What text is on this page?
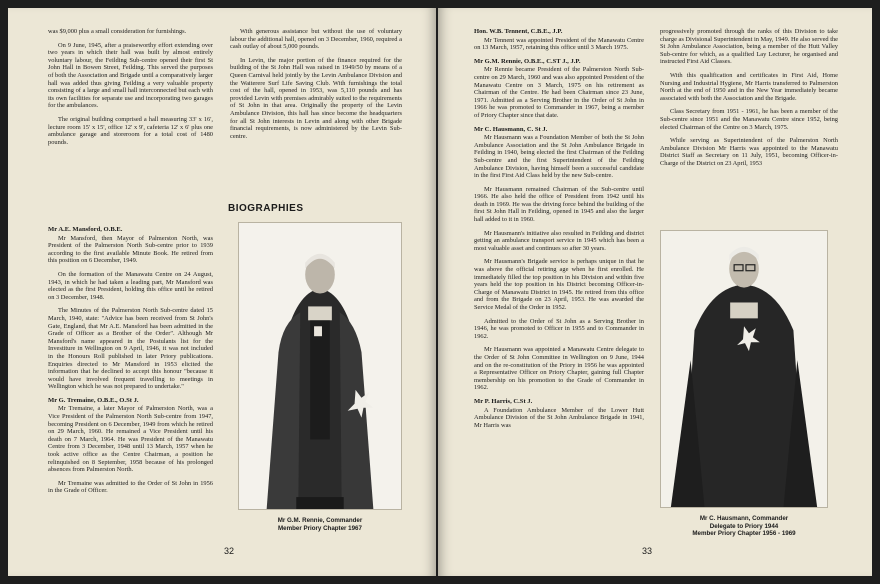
was $9,000 plus a small consideration for furnishings.

On 9 June, 1945, after a praiseworthy effort extending over two years in which their hall was built by almost entirely voluntary labour, the Feilding Sub-centre opened their first St John Hall in Bowen Street, Feilding. This served the purposes of both the Association and Brigade until a comparatively larger hall was added thus giving Feilding a very valuable property consisting of a large and small hall interconnected but each with its own facilities for separate use and incorporating two garages for the ambulances.

The original building comprised a hall measuring 33' x 16', lecture room 15' x 15', office 12' x 9', cafeteria 12' x 6' plus one ambulance garage and storeroom for a total cost of 1480 pounds.

With generous assistance but without the use of voluntary labour the additional hall, opened on 3 December, 1960, required a cash outlay of about 5,000 pounds.

In Levin, the major portion of the finance required for the building of the St John Hall was raised in 1949/50 by means of a Queen Carnival held jointly by the Levin Ambulance Division and the Waiterere Surf Life Saving Club. With furnishings the total cost of the hall, opened in 1953, was 5,110 pounds and has provided Levin with premises admirably suited to the requirements of St John in that area. Originally the property of the Levin Ambulance Division, this hall has since become the headquarters for all St John interests in Levin and along with other Brigade financial requirements, is now administered by the Levin Sub-centre.

BIOGRAPHIES
Mr A.E. Mansford, O.B.E.

Mr Mansford, then Mayor of Palmerston North, was President of the Palmerston North Sub-centre prior to 1939 according to the first available Minute Book. He retired from this position on 6 December, 1949.

On the formation of the Manawatu Centre on 24 August, 1943, in which he had taken a leading part, Mr Mansford was elected as the first President, holding this office until he retired on 3 December, 1948.

The Minutes of the Palmerston North Sub-centre dated 15 March, 1940, state: "Advice has been received from St John's Gate, England, that Mr A.E. Mansford has been admitted in the Grade of Officer as a Brother of the Order". Although Mr Mansford's name appeared in the Postulants list for the Investiture in Wellington on 9 April, 1946, it was not included in the Honours Roll published in later Priory publications. Enquiries directed to Mr Mansford in 1953 elicited the information that he declined to accept this honour "because it would have involved frequent travelling to meetings in Wellington which he was not prepared to undertake."

Mr G. Tremaine, O.B.E., O.St J.

Mr Tremaine, a later Mayor of Palmerston North, was a Vice President of the Palmerston North Sub-centre from 1947, becoming President on 6 December, 1949 from which he retired on 29 March, 1960. He remained a Vice President until his death on 7 March, 1964. He was President of the Manawatu Centre from 3 December, 1948 until 13 March, 1957 when he took active office as the Centre Chairman, a position he relinquished on 8 September, 1958 because of his prolonged absences from Palmerston North.

Mr Tremaine was admitted to the Order of St John in 1956 in the Grade of Officer.

Mr G.M. Rennie, Commander
Member Priory Chapter 1967
32
Hon. W.B. Tennent, C.B.E., J.P.

Mr Tennent was appointed President of the Manawatu Centre on 13 March, 1957, retaining this office until 3 March 1975.

Mr G.M. Rennie, O.B.E., C.ST J., J.P.

Mr Rennie became President of the Palmerston North Sub-centre on 29 March, 1960 and was also appointed President of the Manawatu Centre on 3 March, 1975 on his retirement as Chairman of the Centre. He had been Chairman since 23 June, 1971. Admitted as a Serving Brother in the Order of St John in 1966 he was promoted to Commander in 1967, being a member of Priory Chapter since that date.

Mr C. Hausmann, C. St J.

Mr Hausmann was a Foundation Member of both the St John Ambulance Association and the St John Ambulance Brigade in Feilding in 1940, being elected the first Chairman of the Feilding Sub-centre and the first Superintendent of the Feilding Ambulance Division, having himself been a successful candidate in the first First Aid Class held by the new Sub-centre.

Mr Hausmann remained Chairman of the Sub-centre until 1966. He also held the office of President from 1942 until his death in 1969. He was the driving force behind the building of the first St John Hall in Feilding, opened in 1945 and also the larger hall added to it in 1960.

Mr Hausmann's initiative also resulted in Feilding and district getting an ambulance transport service in 1945 which has been a most valuable asset and continues so after 30 years.

Mr Hausmann's Brigade service is perhaps unique in that he was above the official retiring age when he first enrolled. He immediately filled the top position in his Division and within five years held the top position in his District becoming Officer-in-Charge of Manawatu District in 1945. He retired from this office and from the Brigade on 23 April, 1953. He was awarded the Service Medal of the Order in 1952.

Admitted to the Order of St John as a Serving Brother in 1946, he was promoted to Officer in 1955 and to Commander in 1962.

Mr Hausmann was appointed a Manawatu Centre delegate to the Order of St John Committee in Wellington on 9 June, 1944 and on the re-constitution of the Priory in 1956 he was appointed a Representative Officer on Priory Chapter, gaining full Chapter membership on his promotion to the Grade of Commander in 1962.

Mr P. Harris, C.St J.

A Foundation Ambulance Member of the Lower Hutt Ambulance Division of the St John Ambulance Brigade in 1941, Mr Harris was

progressively promoted through the ranks of this Division to take charge as Divisional Superintendent in May, 1949. He also served the St John Ambulance Association, being a member of the Hutt Valley Sub-centre for which, as a qualified Lay Lecturer, he organised and instructed First Aid Classes.

With this qualification and certificates in First Aid, Home Nursing and Industrial Hygiene, Mr Harris transferred to Palmerston North at the end of 1950 and in the New Year immediately became associated with both the Association and the Brigade.

Class Secretary from 1951 - 1961, he has been a member of the Sub-centre since 1951 and the Manawatu Centre since 1952, being elected Chairman of the Centre on 3 March, 1975.

While serving as Superintendent of the Palmerston North Ambulance Division Mr Harris was appointed to the Manawatu District Staff as Secretary on 11 July, 1951, becoming Officer-in-Charge of the District on 23 April, 1953

Mr C. Hausmann, Commander
Delegate to Priory 1944
Member Priory Chapter 1956 - 1969
33
